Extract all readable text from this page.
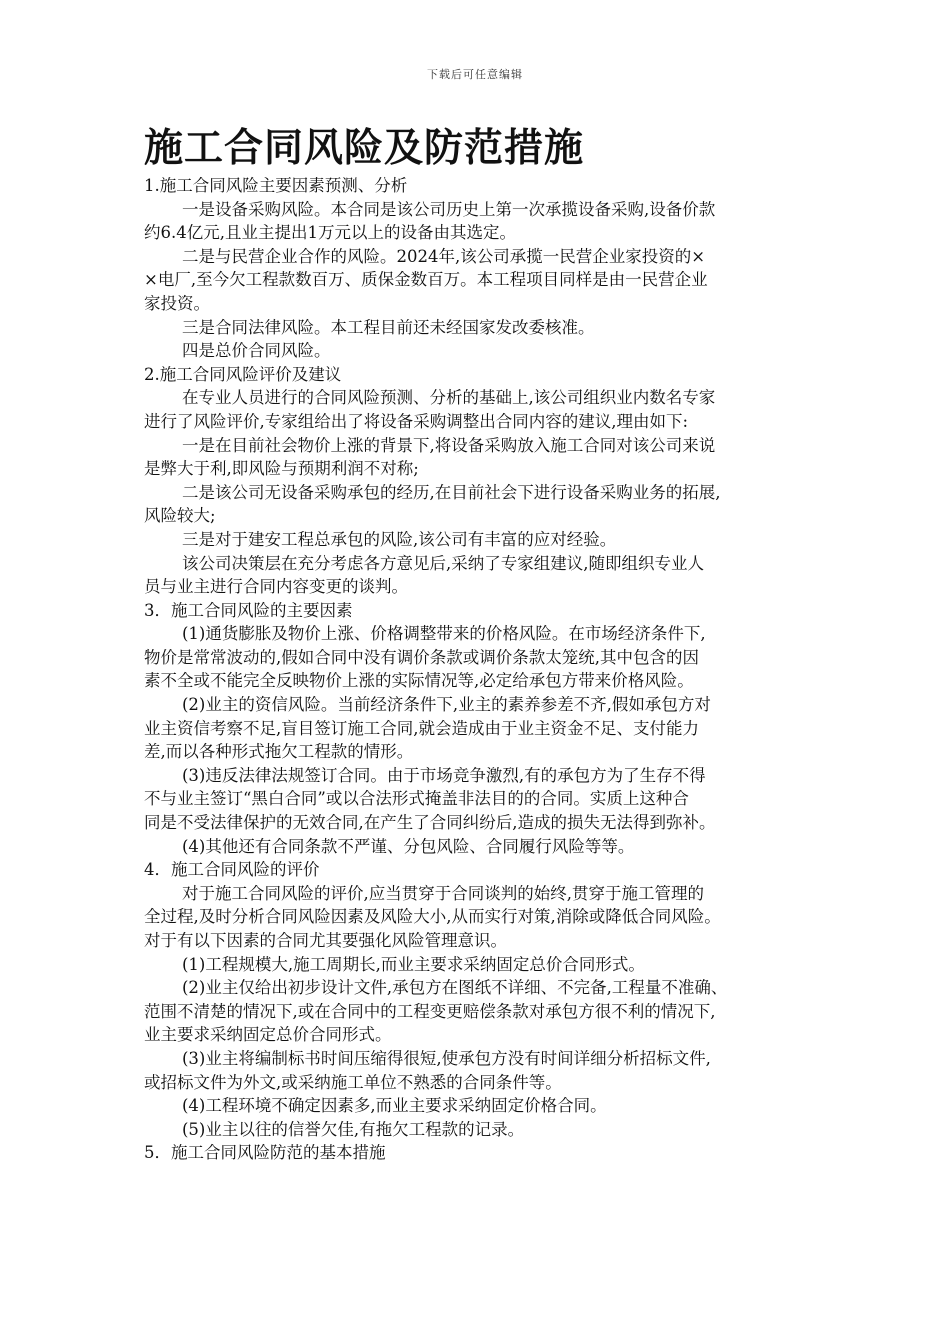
下载后可任意编辑
施工合同风险及防范措施
1.施工合同风险主要因素预测、分析
一是设备采购风险。本合同是该公司历史上第一次承揽设备采购,设备价款
约6.4亿元,且业主提出1万元以上的设备由其选定。
二是与民营企业合作的风险。2024年,该公司承揽一民营企业家投资的×
×电厂,至今欠工程款数百万、质保金数百万。本工程项目同样是由一民营企业
家投资。
三是合同法律风险。本工程目前还未经国家发改委核准。
四是总价合同风险。
2.施工合同风险评价及建议
在专业人员进行的合同风险预测、分析的基础上,该公司组织业内数名专家
进行了风险评价,专家组给出了将设备采购调整出合同内容的建议,理由如下:
一是在目前社会物价上涨的背景下,将设备采购放入施工合同对该公司来说
是弊大于利,即风险与预期利润不对称;
二是该公司无设备采购承包的经历,在目前社会下进行设备采购业务的拓展,
风险较大;
三是对于建安工程总承包的风险,该公司有丰富的应对经验。
该公司决策层在充分考虑各方意见后,采纳了专家组建议,随即组织专业人
员与业主进行合同内容变更的谈判。
3．施工合同风险的主要因素
(1)通货膨胀及物价上涨、价格调整带来的价格风险。在市场经济条件下,
物价是常常波动的,假如合同中没有调价条款或调价条款太笼统,其中包含的因
素不全或不能完全反映物价上涨的实际情况等,必定给承包方带来价格风险。
(2)业主的资信风险。当前经济条件下,业主的素养参差不齐,假如承包方对
业主资信考察不足,盲目签订施工合同,就会造成由于业主资金不足、支付能力
差,而以各种形式拖欠工程款的情形。
(3)违反法律法规签订合同。由于市场竞争激烈,有的承包方为了生存不得
不与业主签订“黑白合同”或以合法形式掩盖非法目的的合同。实质上这种合
同是不受法律保护的无效合同,在产生了合同纠纷后,造成的损失无法得到弥补。
(4)其他还有合同条款不严谨、分包风险、合同履行风险等等。
4．施工合同风险的评价
对于施工合同风险的评价,应当贯穿于合同谈判的始终,贯穿于施工管理的
全过程,及时分析合同风险因素及风险大小,从而实行对策,消除或降低合同风险。
对于有以下因素的合同尤其要强化风险管理意识。
(1)工程规模大,施工周期长,而业主要求采纳固定总价合同形式。
(2)业主仅给出初步设计文件,承包方在图纸不详细、不完备,工程量不准确、
范围不清楚的情况下,或在合同中的工程变更赔偿条款对承包方很不利的情况下,
业主要求采纳固定总价合同形式。
(3)业主将编制标书时间压缩得很短,使承包方没有时间详细分析招标文件,
或招标文件为外文,或采纳施工单位不熟悉的合同条件等。
(4)工程环境不确定因素多,而业主要求采纳固定价格合同。
(5)业主以往的信誉欠佳,有拖欠工程款的记录。
5．施工合同风险防范的基本措施
